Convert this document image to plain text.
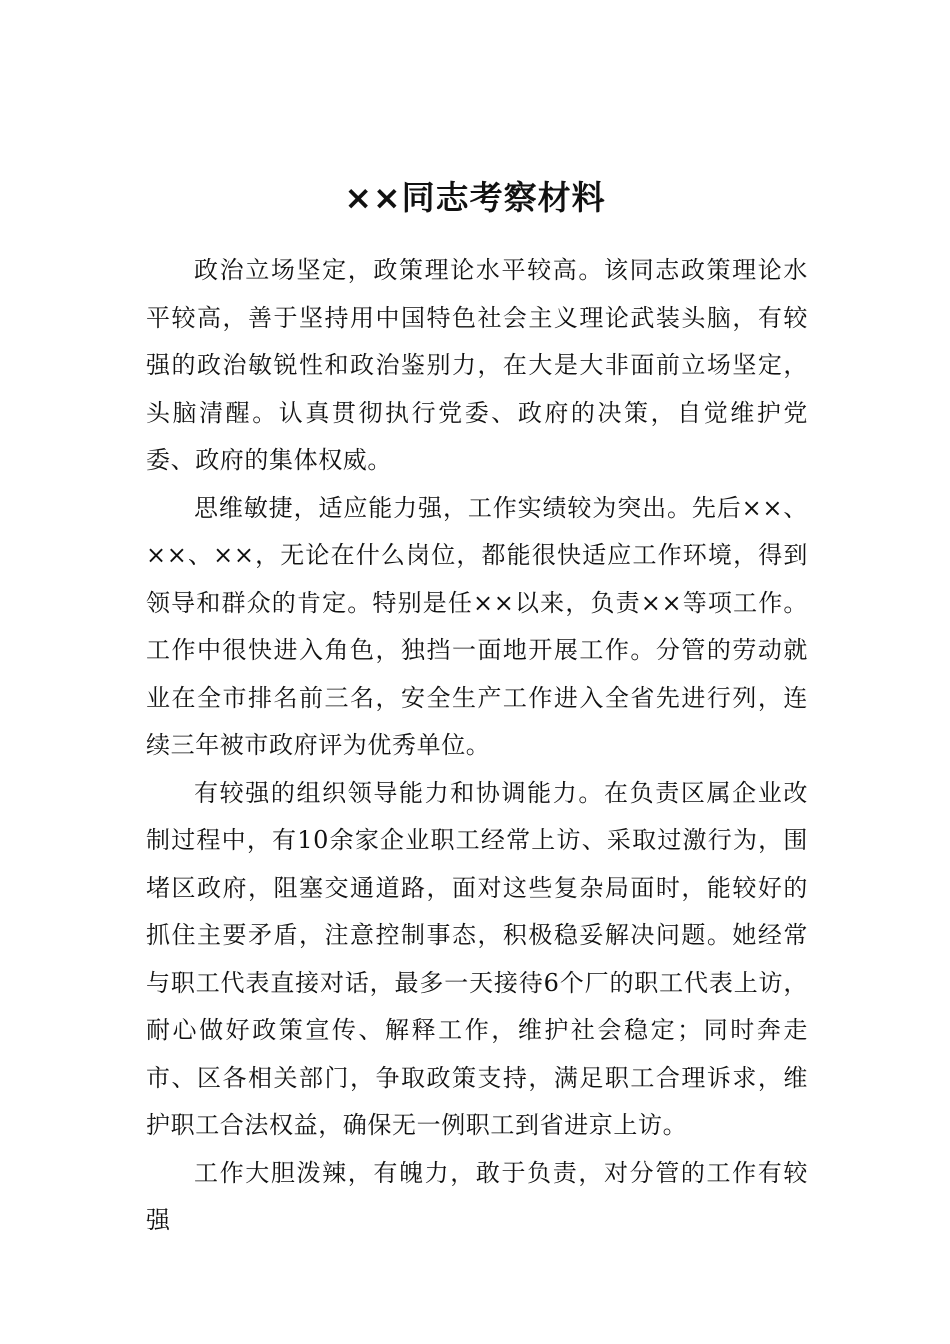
××同志考察材料

政治立场坚定，政策理论水平较高。该同志政策理论水平较高，善于坚持用中国特色社会主义理论武装头脑，有较强的政治敏锐性和政治鉴别力，在大是大非面前立场坚定，头脑清醒。认真贯彻执行党委、政府的决策，自觉维护党委、政府的集体权威。

思维敏捷，适应能力强，工作实绩较为突出。先后××、××、××，无论在什么岗位，都能很快适应工作环境，得到领导和群众的肯定。特别是任××以来，负责××等项工作。工作中很快进入角色，独挡一面地开展工作。分管的劳动就业在全市排名前三名，安全生产工作进入全省先进行列，连续三年被市政府评为优秀单位。

有较强的组织领导能力和协调能力。在负责区属企业改制过程中，有10余家企业职工经常上访、采取过激行为，围堵区政府，阻塞交通道路，面对这些复杂局面时，能较好的抓住主要矛盾，注意控制事态，积极稳妥解决问题。她经常与职工代表直接对话，最多一天接待6个厂的职工代表上访，耐心做好政策宣传、解释工作，维护社会稳定；同时奔走市、区各相关部门，争取政策支持，满足职工合理诉求，维护职工合法权益，确保无一例职工到省进京上访。

工作大胆泼辣，有魄力，敢于负责，对分管的工作有较强
